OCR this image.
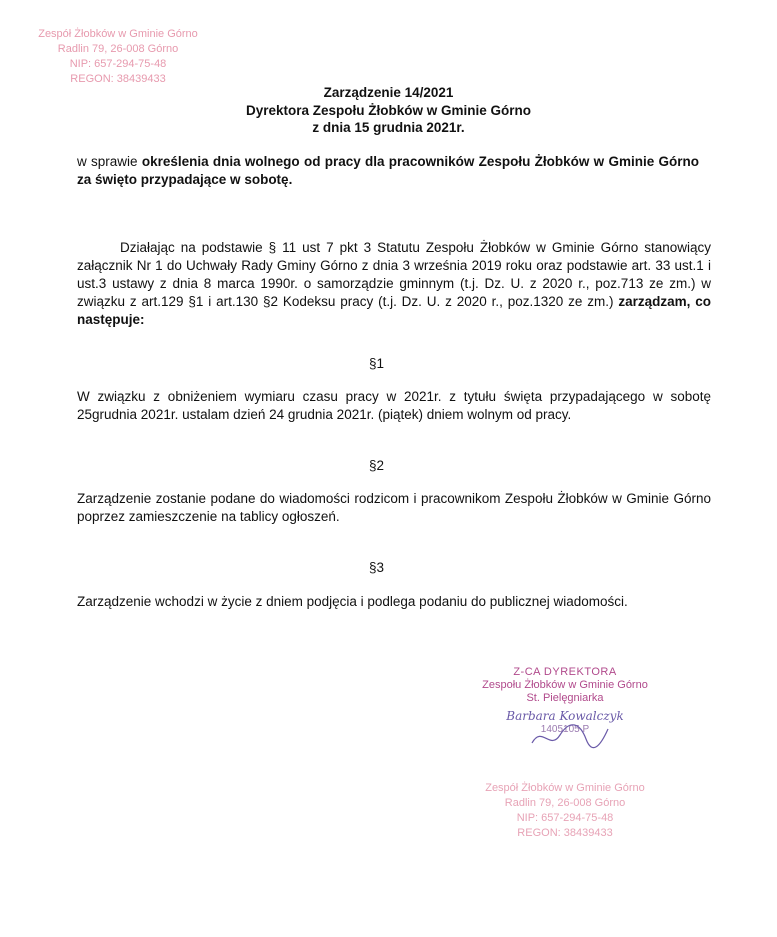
Zespół Żłobków w Gminie Górno
Radlin 79, 26-008 Górno
NIP: 657-294-75-48
REGON: 38439433
Zarządzenie 14/2021
Dyrektora Zespołu Żłobków w Gminie Górno
z dnia 15 grudnia 2021r.
w sprawie określenia dnia wolnego od pracy dla pracowników Zespołu Żłobków w Gminie Górno za święto przypadające w sobotę.
Działając na podstawie § 11 ust 7 pkt 3 Statutu Zespołu Żłobków w Gminie Górno stanowiący załącznik Nr 1 do Uchwały Rady Gminy Górno z dnia 3 września 2019 roku oraz podstawie art. 33 ust.1 i ust.3 ustawy z dnia 8 marca 1990r. o samorządzie gminnym (t.j. Dz. U. z 2020 r., poz.713 ze zm.) w związku z art.129 §1 i art.130 §2 Kodeksu pracy (t.j. Dz. U. z 2020 r., poz.1320 ze zm.) zarządzam, co następuje:
§1
W związku z obniżeniem wymiaru czasu pracy w 2021r. z tytułu święta przypadającego w sobotę 25grudnia 2021r. ustalam dzień 24 grudnia 2021r. (piątek) dniem wolnym od pracy.
§2
Zarządzenie zostanie podane do wiadomości rodzicom i pracownikom Zespołu Żłobków w Gminie Górno poprzez zamieszczenie na tablicy ogłoszeń.
§3
Zarządzenie wchodzi w życie z dniem podjęcia i podlega podaniu do publicznej wiadomości.
Z-CA DYREKTORA
Zespołu Żłobków w Gminie Górno
St. Pielęgniarka
Barbara Kowalczyk
1405105 P
Zespół Żłobków w Gminie Górno
Radlin 79, 26-008 Górno
NIP: 657-294-75-48
REGON: 38439433
